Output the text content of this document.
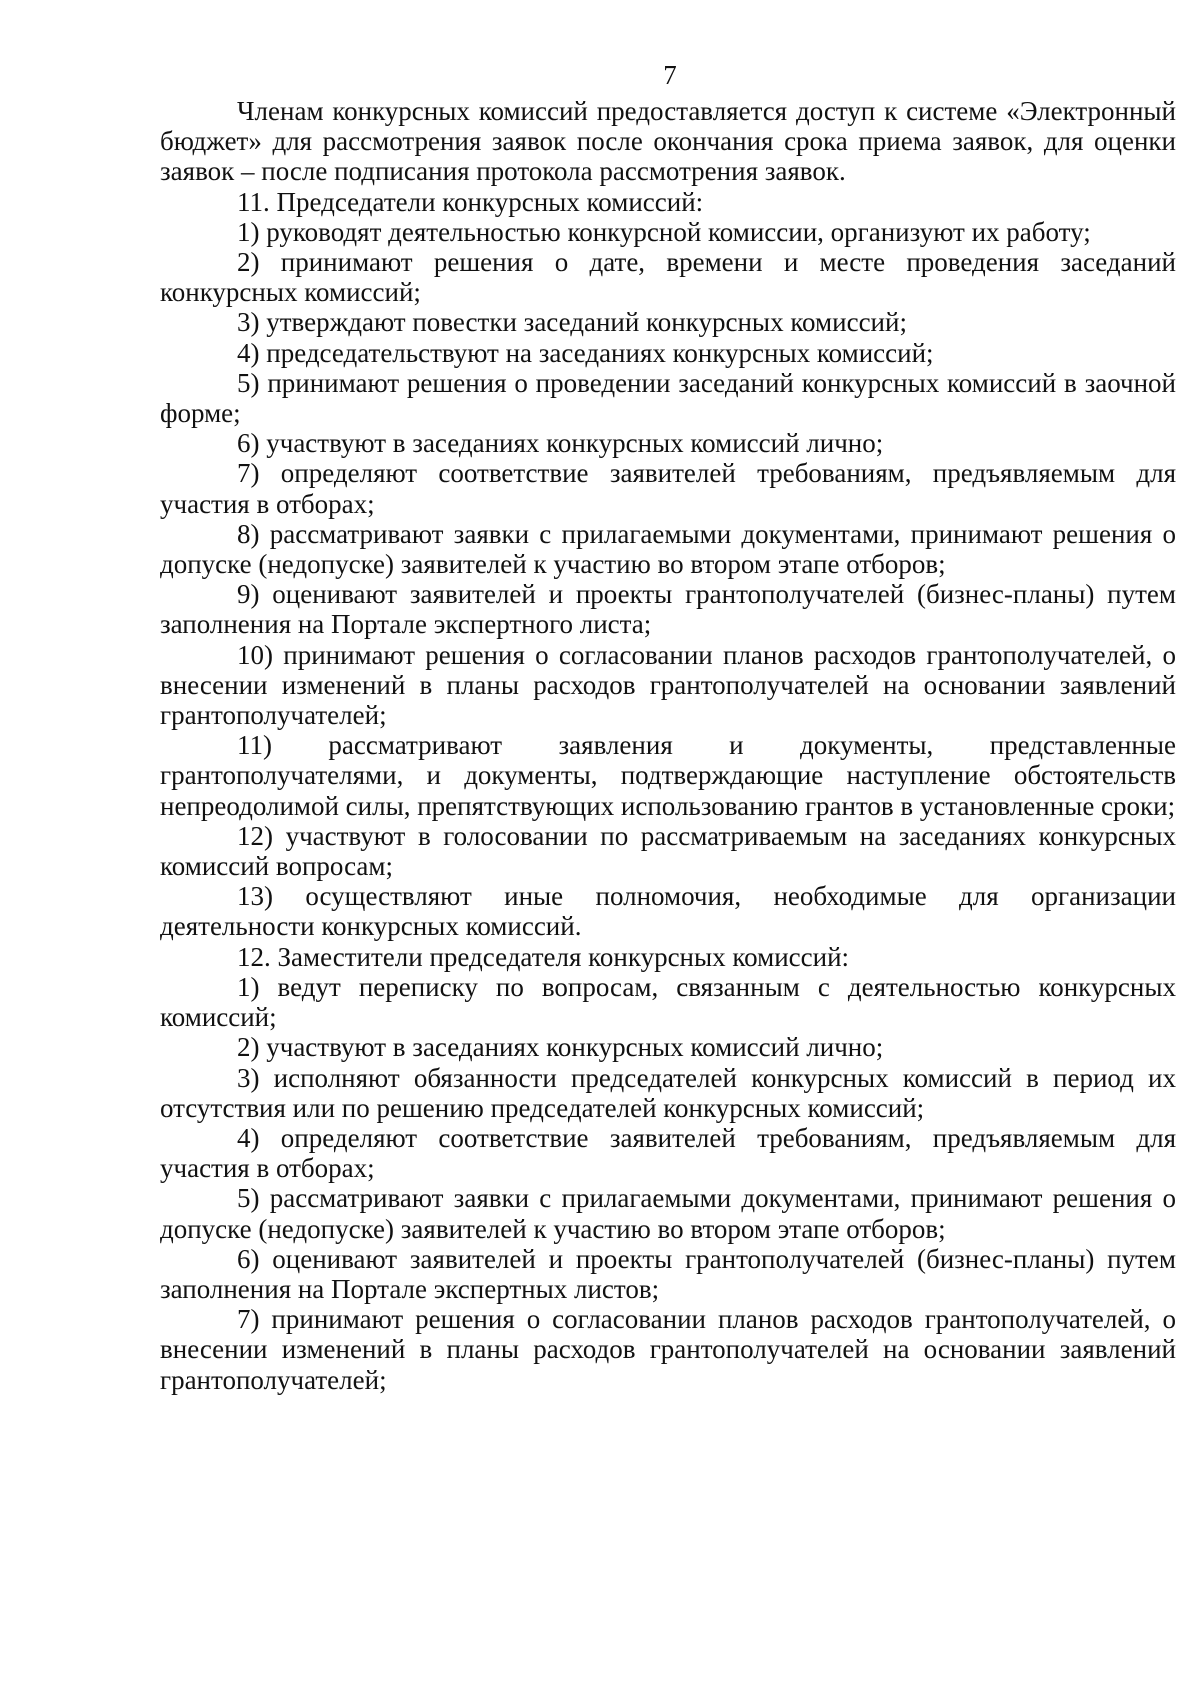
7

Членам конкурсных комиссий предоставляется доступ к системе «Электронный бюджет» для рассмотрения заявок после окончания срока приема заявок, для оценки заявок – после подписания протокола рассмотрения заявок.

11. Председатели конкурсных комиссий:

1) руководят деятельностью конкурсной комиссии, организуют их работу;

2) принимают решения о дате, времени и месте проведения заседаний конкурсных комиссий;

3) утверждают повестки заседаний конкурсных комиссий;

4) председательствуют на заседаниях конкурсных комиссий;

5) принимают решения о проведении заседаний конкурсных комиссий в заочной форме;

6) участвуют в заседаниях конкурсных комиссий лично;

7) определяют соответствие заявителей требованиям, предъявляемым для участия в отборах;

8) рассматривают заявки с прилагаемыми документами, принимают решения о допуске (недопуске) заявителей к участию во втором этапе отборов;

9) оценивают заявителей и проекты грантополучателей (бизнес-планы) путем заполнения на Портале экспертного листа;

10) принимают решения о согласовании планов расходов грантополучателей, о внесении изменений в планы расходов грантополучателей на основании заявлений грантополучателей;

11) рассматривают заявления и документы, представленные грантополучателями, и документы, подтверждающие наступление обстоятельств непреодолимой силы, препятствующих использованию грантов в установленные сроки;

12) участвуют в голосовании по рассматриваемым на заседаниях конкурсных комиссий вопросам;

13) осуществляют иные полномочия, необходимые для организации деятельности конкурсных комиссий.

12. Заместители председателя конкурсных комиссий:

1) ведут переписку по вопросам, связанным с деятельностью конкурсных комиссий;

2) участвуют в заседаниях конкурсных комиссий лично;

3) исполняют обязанности председателей конкурсных комиссий в период их отсутствия или по решению председателей конкурсных комиссий;

4) определяют соответствие заявителей требованиям, предъявляемым для участия в отборах;

5) рассматривают заявки с прилагаемыми документами, принимают решения о допуске (недопуске) заявителей к участию во втором этапе отборов;

6) оценивают заявителей и проекты грантополучателей (бизнес-планы) путем заполнения на Портале экспертных листов;

7) принимают решения о согласовании планов расходов грантополучателей, о внесении изменений в планы расходов грантополучателей на основании заявлений грантополучателей;
